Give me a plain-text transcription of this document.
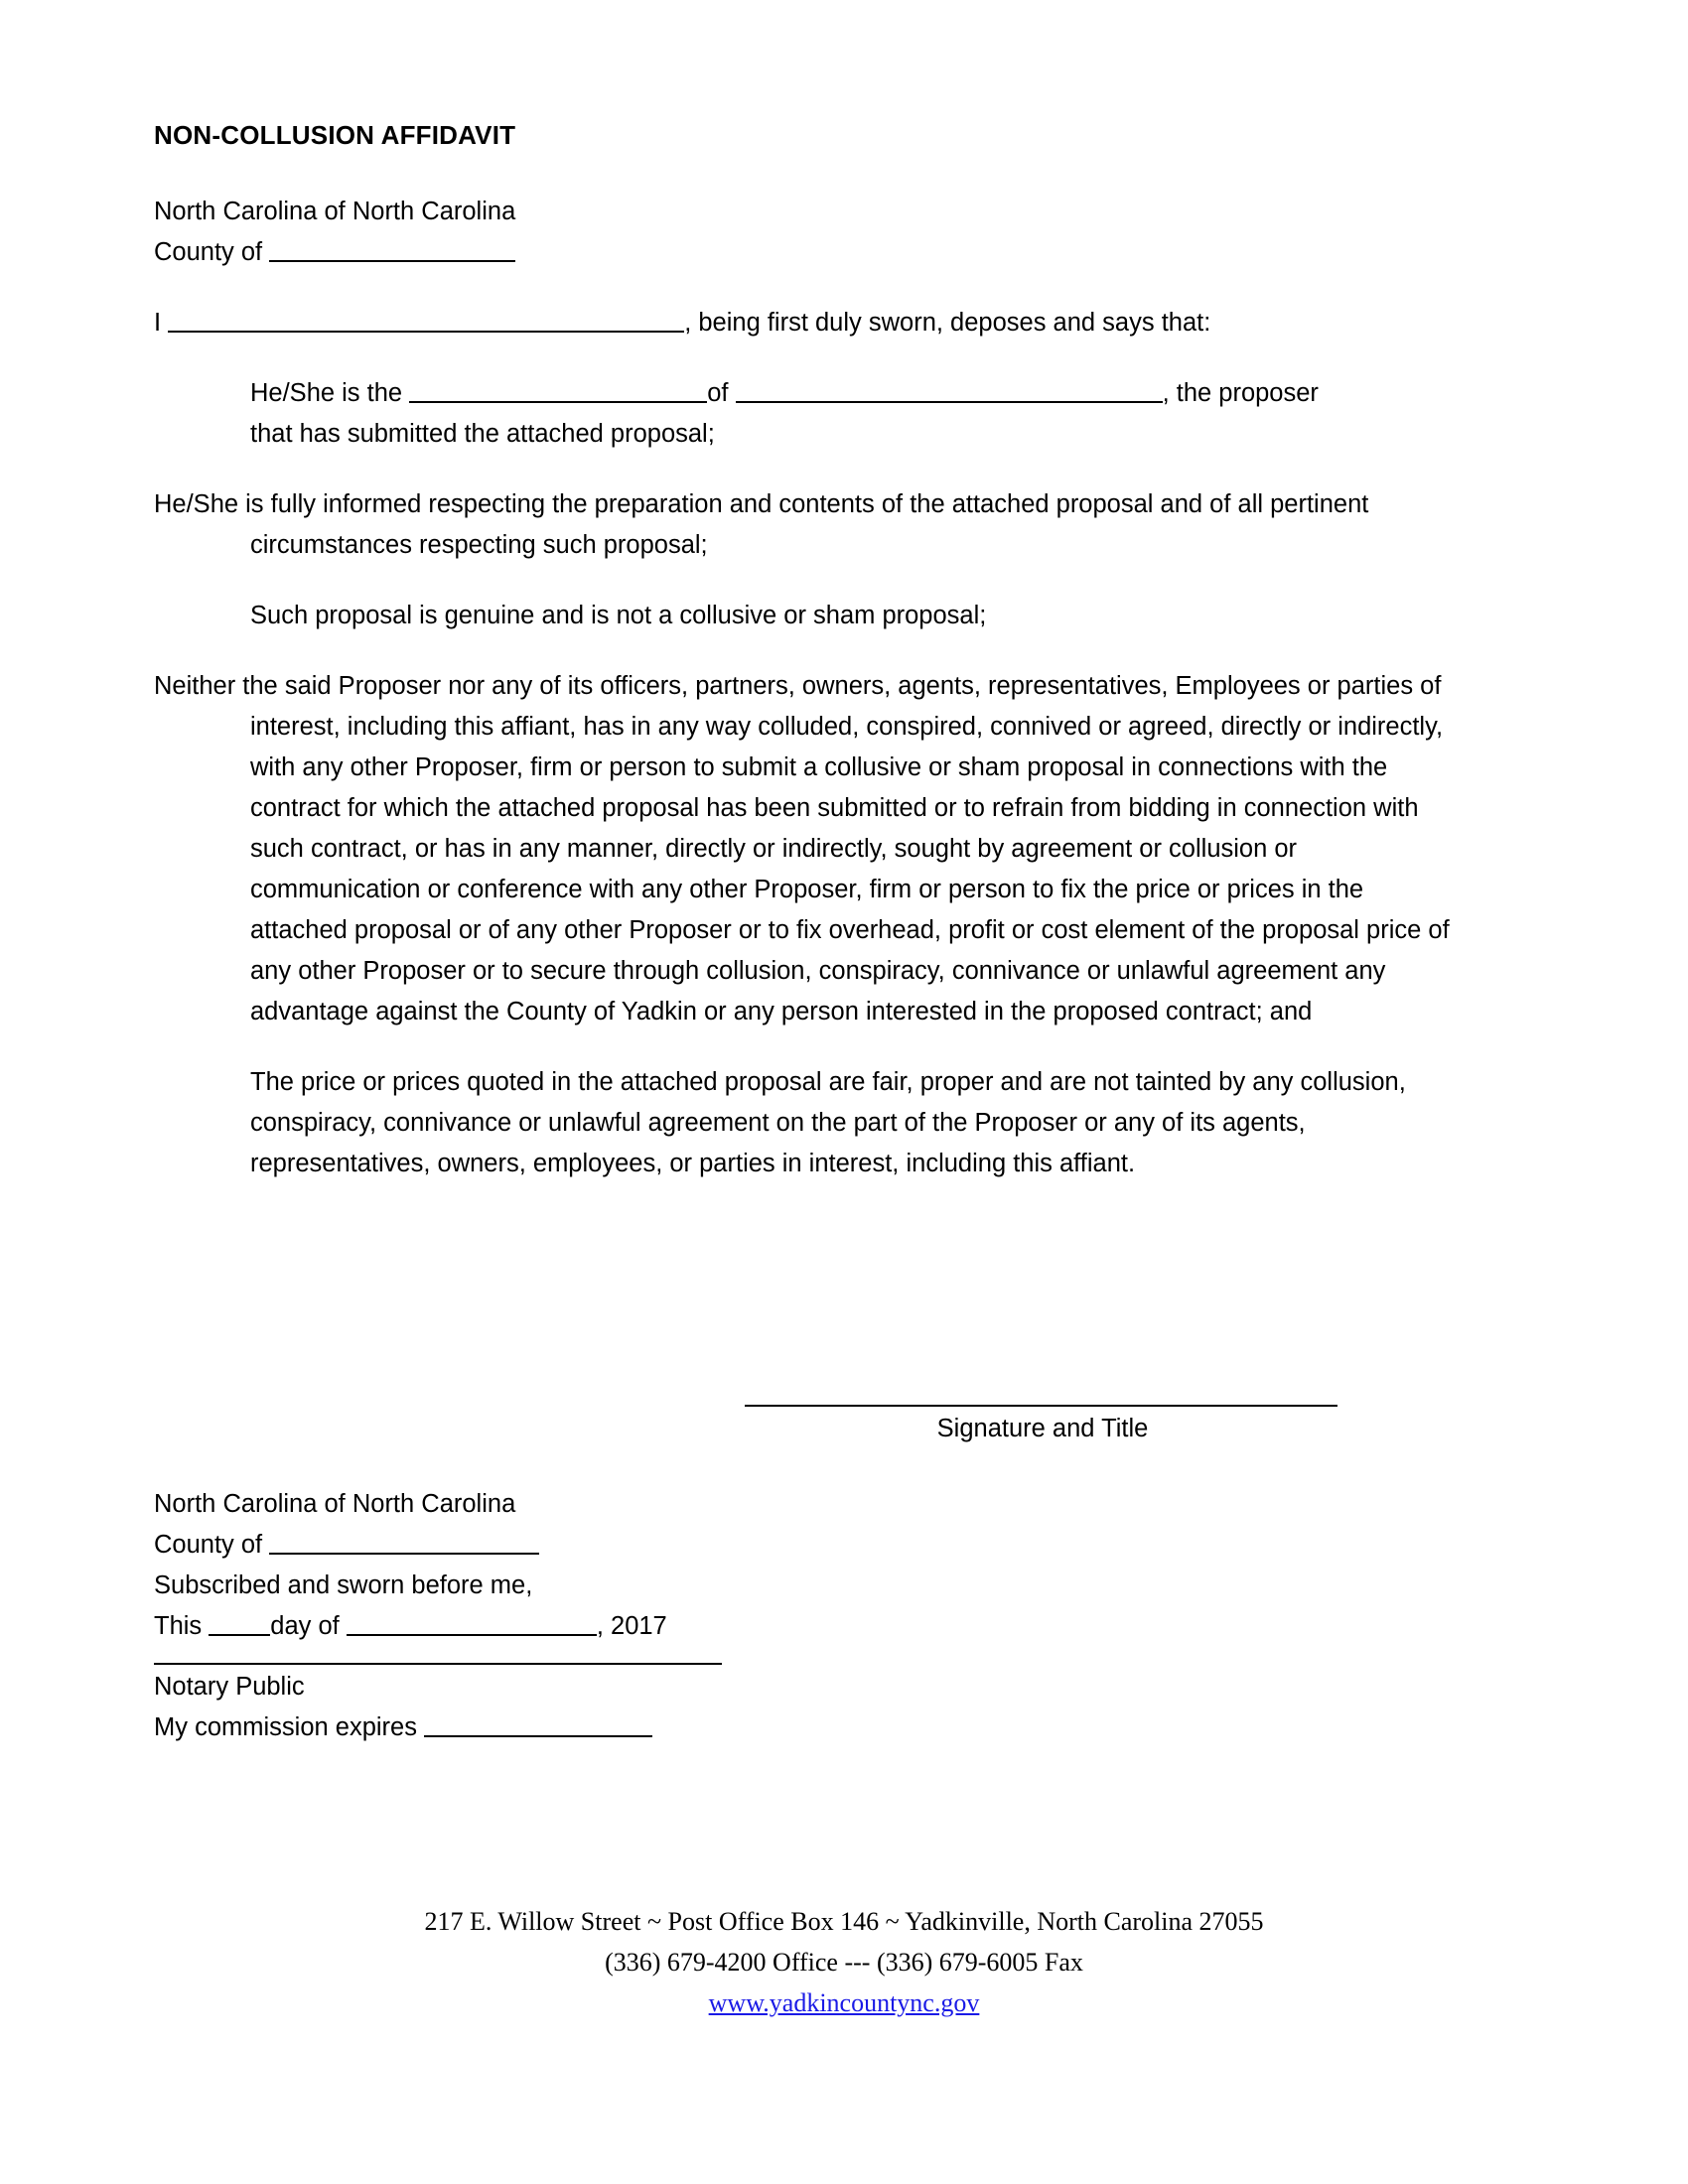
NON-COLLUSION AFFIDAVIT
North Carolina of North Carolina
County of
I	, being first duly sworn, deposes and says that:
He/She is the	of	, the proposer
that has submitted the attached proposal;
He/She is fully informed respecting the preparation and contents of the attached proposal and of all pertinent circumstances respecting such proposal;
Such proposal is genuine and is not a collusive or sham proposal;
Neither the said Proposer nor any of its officers, partners, owners, agents, representatives, Employees or parties of interest, including this affiant, has in any way colluded, conspired, connived or agreed, directly or indirectly, with any other Proposer, firm or person to submit a collusive or sham proposal in connections with the contract for which the attached proposal has been submitted or to refrain from bidding in connection with such contract, or has in any manner, directly or indirectly, sought by agreement or collusion or communication or conference with any other Proposer, firm or person to fix the price or prices in the attached proposal or of any other Proposer or to fix overhead, profit or cost element of the proposal price of any other Proposer or to secure through collusion, conspiracy, connivance or unlawful agreement any advantage against the County of Yadkin or any person interested in the proposed contract; and
The price or prices quoted in the attached proposal are fair, proper and are not tainted by any collusion, conspiracy, connivance or unlawful agreement on the part of the Proposer or any of its agents, representatives, owners, employees, or parties in interest, including this affiant.
Signature and Title
North Carolina of North Carolina
County of
Subscribed and sworn before me,
This	day of	, 2017
Notary Public
My commission expires
217 E. Willow Street ~ Post Office Box 146 ~ Yadkinville, North Carolina 27055
(336) 679-4200 Office --- (336) 679-6005 Fax
www.yadkincountync.gov
